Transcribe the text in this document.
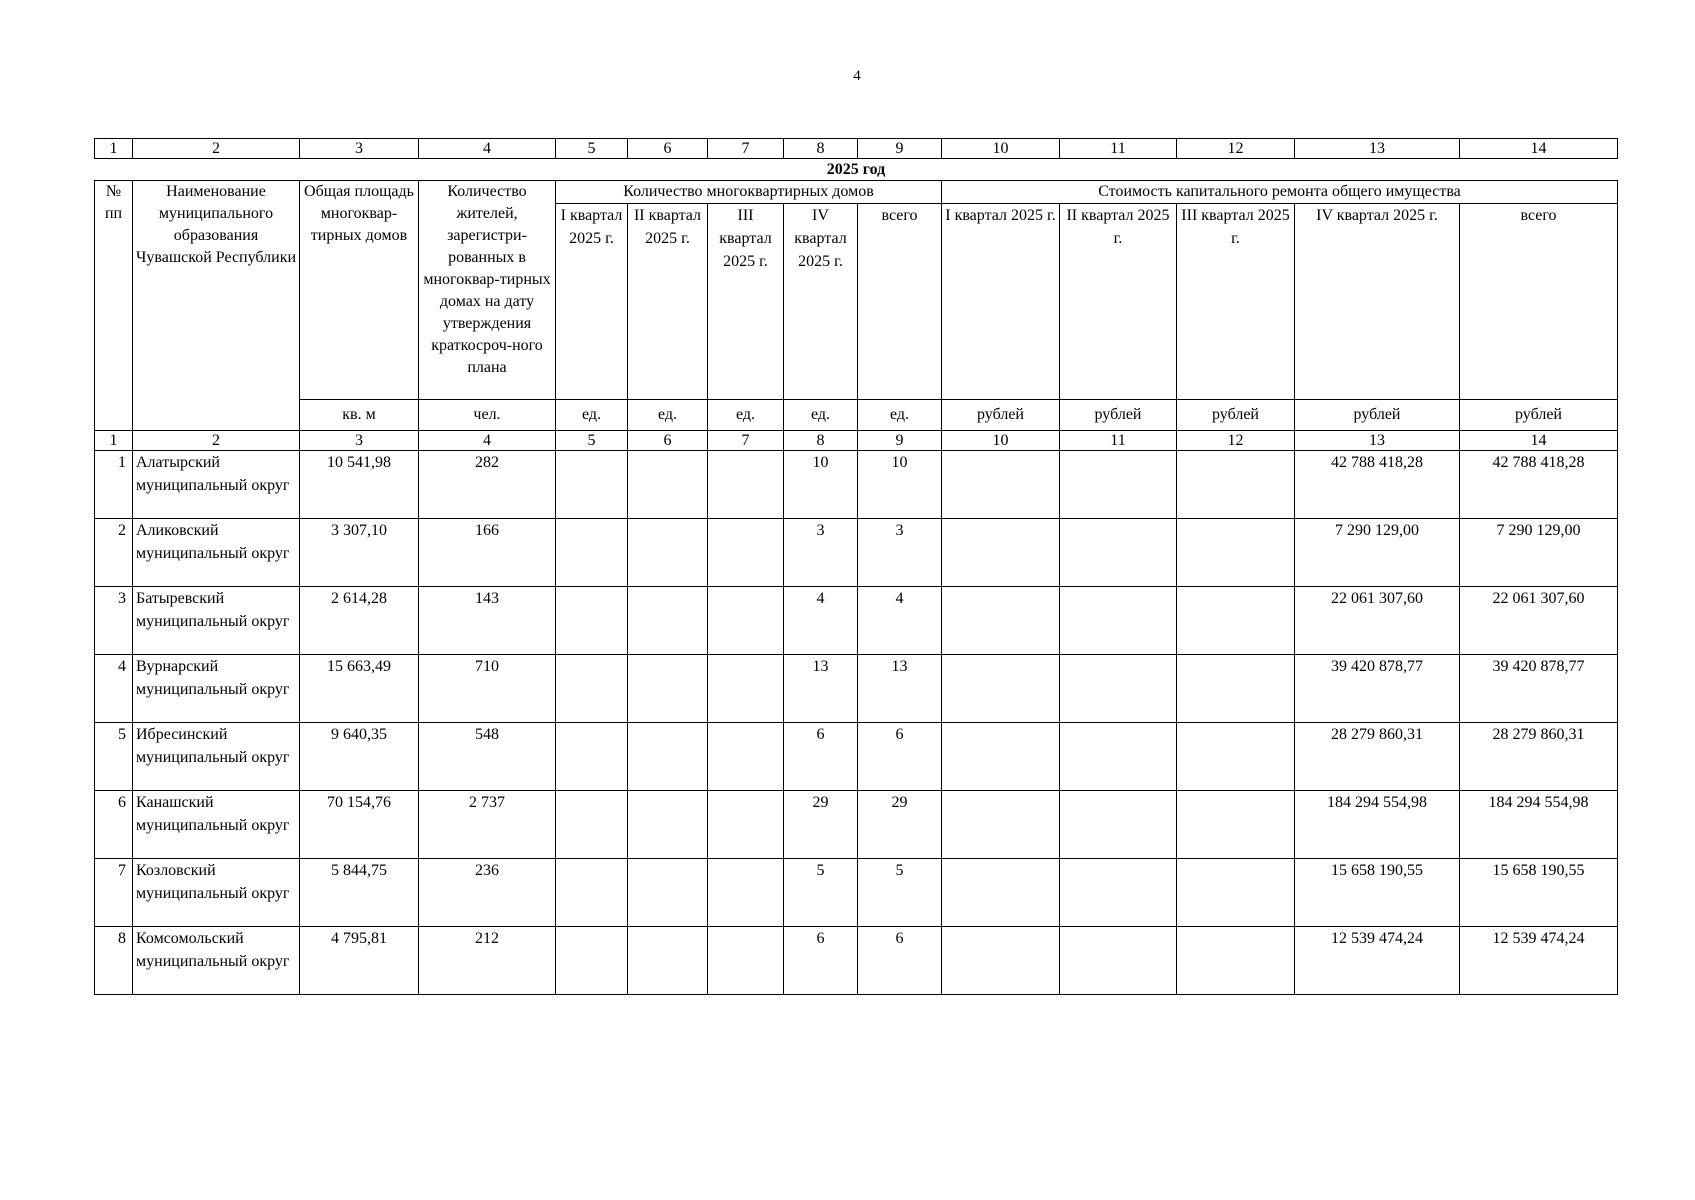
4
1	2	3	4	5	6	7	8	9	10	11	12	13	14
2025 год													
№ пп	Наименование муниципального образования Чувашской Республики	Общая площадь многоквар-тирных домов	Количество жителей, зарегистри-рованных в многоквар-тирных домах на дату утверждения краткосроч-ного плана	Количество многоквартирных домов					Стоимость капитального ремонта общего имущества				
				I квартал 2025 г.	II квартал 2025 г.	III квартал 2025 г.	IV квартал 2025 г.	всего	I квартал 2025 г.	II квартал 2025 г.	III квартал 2025 г.	IV квартал 2025 г.	всего
		кв. м	чел.	ед.	ед.	ед.	ед.	ед.	рублей	рублей	рублей	рублей	рублей
1	2	3	4	5	6	7	8	9	10	11	12	13	14
1	Алатырский муниципальный округ	10 541,98	282				10	10				42 788 418,28	42 788 418,28
2	Аликовский муниципальный округ	3 307,10	166				3	3				7 290 129,00	7 290 129,00
3	Батыревский муниципальный округ	2 614,28	143				4	4				22 061 307,60	22 061 307,60
4	Вурнарский муниципальный округ	15 663,49	710				13	13				39 420 878,77	39 420 878,77
5	Ибресинский муниципальный округ	9 640,35	548				6	6				28 279 860,31	28 279 860,31
6	Канашский муниципальный округ	70 154,76	2 737				29	29				184 294 554,98	184 294 554,98
7	Козловский муниципальный округ	5 844,75	236				5	5				15 658 190,55	15 658 190,55
8	Комсомольский муниципальный округ	4 795,81	212				6	6				12 539 474,24	12 539 474,24
